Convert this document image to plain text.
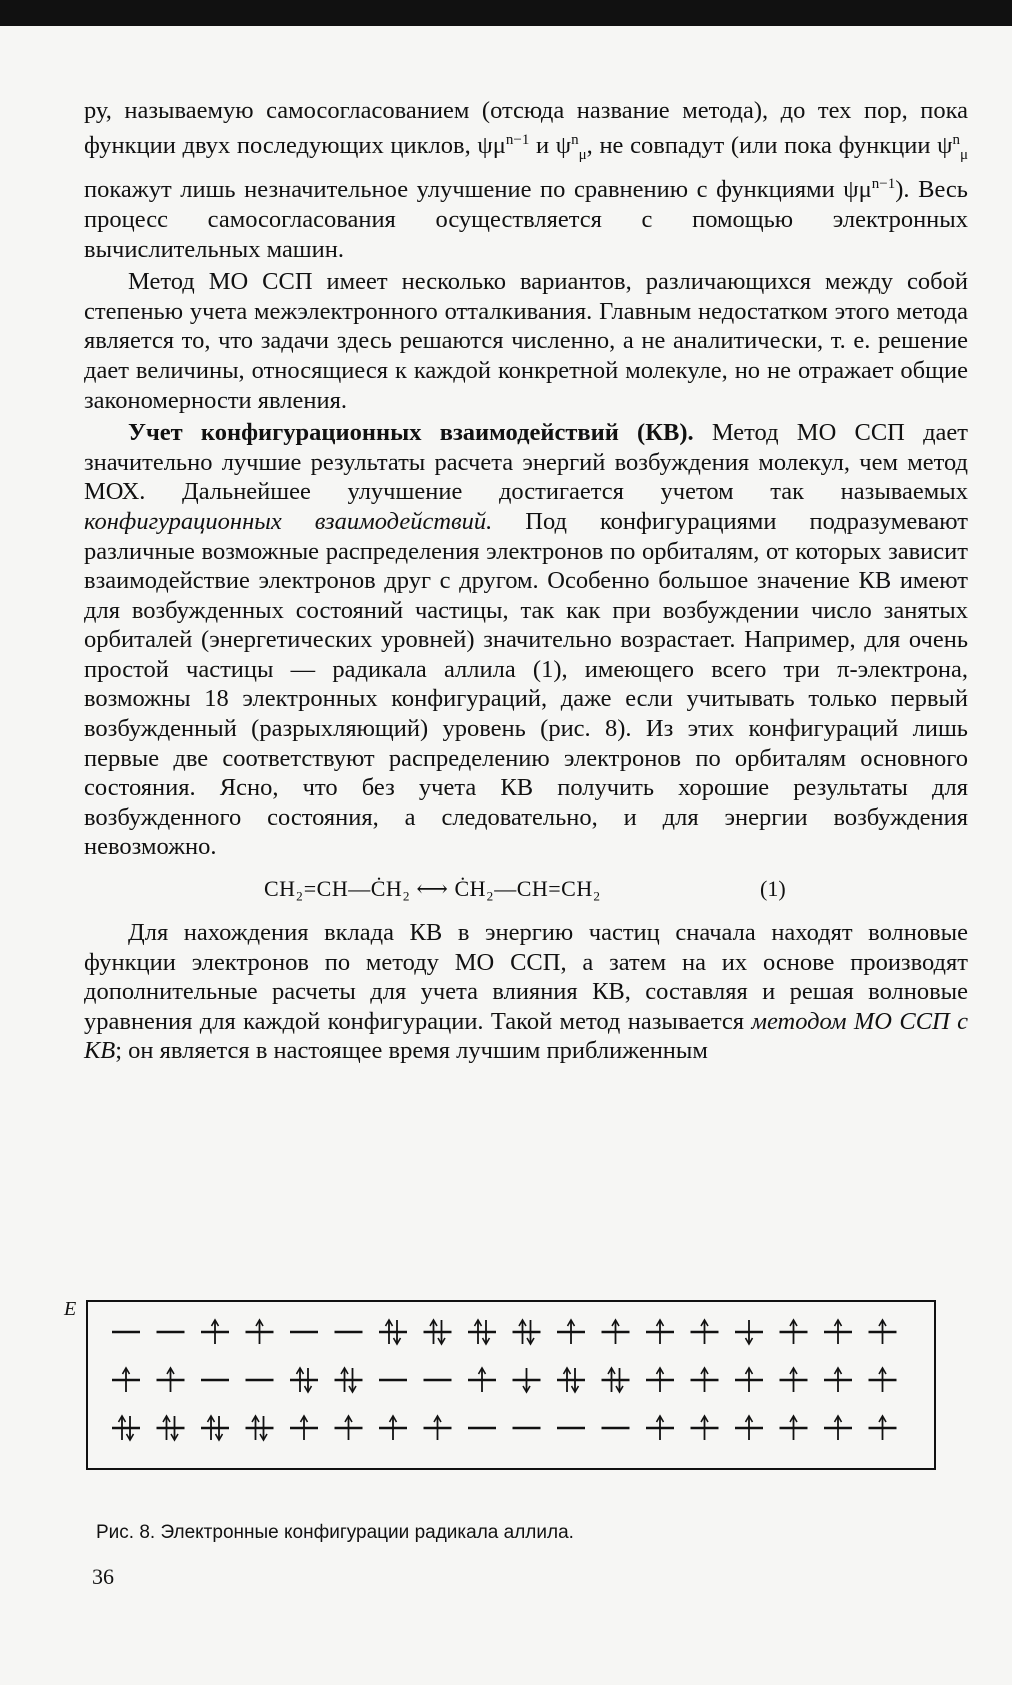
ру, называемую самосогласованием (отсюда название метода), до тех пор, пока функции двух последующих циклов, $\psi\mu^{n-1}$ и $\psi^n_\mu$, не совпадут (или пока функции $\psi^n_\mu$ покажут лишь незначительное улучшение по сравнению с функциями $\psi\mu^{n-1}$). Весь процесс самосогласования осуществляется с помощью электронных вычислительных машин.

Метод МО ССП имеет несколько вариантов, различающихся между собой степенью учета межэлектронного отталкивания. Главным недостатком этого метода является то, что задачи здесь решаются численно, а не аналитически, т. е. решение дает величины, относящиеся к каждой конкретной молекуле, но не отражает общие закономерности явления.

Учет конфигурационных взаимодействий (КВ). Метод МО ССП дает значительно лучшие результаты расчета энергий возбуждения молекул, чем метод МОХ. Дальнейшее улучшение достигается учетом так называемых конфигурационных взаимодействий. Под конфигурациями подразумевают различные возможные распределения электронов по орбиталям, от которых зависит взаимодействие электронов друг с другом. Особенно большое значение КВ имеют для возбужденных состояний частицы, так как при возбуждении число занятых орбиталей (энергетических уровней) значительно возрастает. Например, для очень простой частицы — радикала аллила (1), имеющего всего три π-электрона, возможны 18 электронных конфигураций, даже если учитывать только первый возбужденный (разрыхляющий) уровень (рис. 8). Из этих конфигураций лишь первые две соответствуют распределению электронов по орбиталям основного состояния. Ясно, что без учета КВ получить хорошие результаты для возбужденного состояния, а следовательно, и для энергии возбуждения невозможно.

CH₂=CH—ĊH₂ ⟷ ĊH₂—CH=CH₂	(1)

Для нахождения вклада КВ в энергию частиц сначала находят волновые функции электронов по методу МО ССП, а затем на их основе производят дополнительные расчеты для учета влияния КВ, составляя и решая волновые уравнения для каждой конфигурации. Такой метод называется методом МО ССП с КВ; он является в настоящее время лучшим приближенным

E
Рис. 8. Электронные конфигурации радикала аллила.
36
